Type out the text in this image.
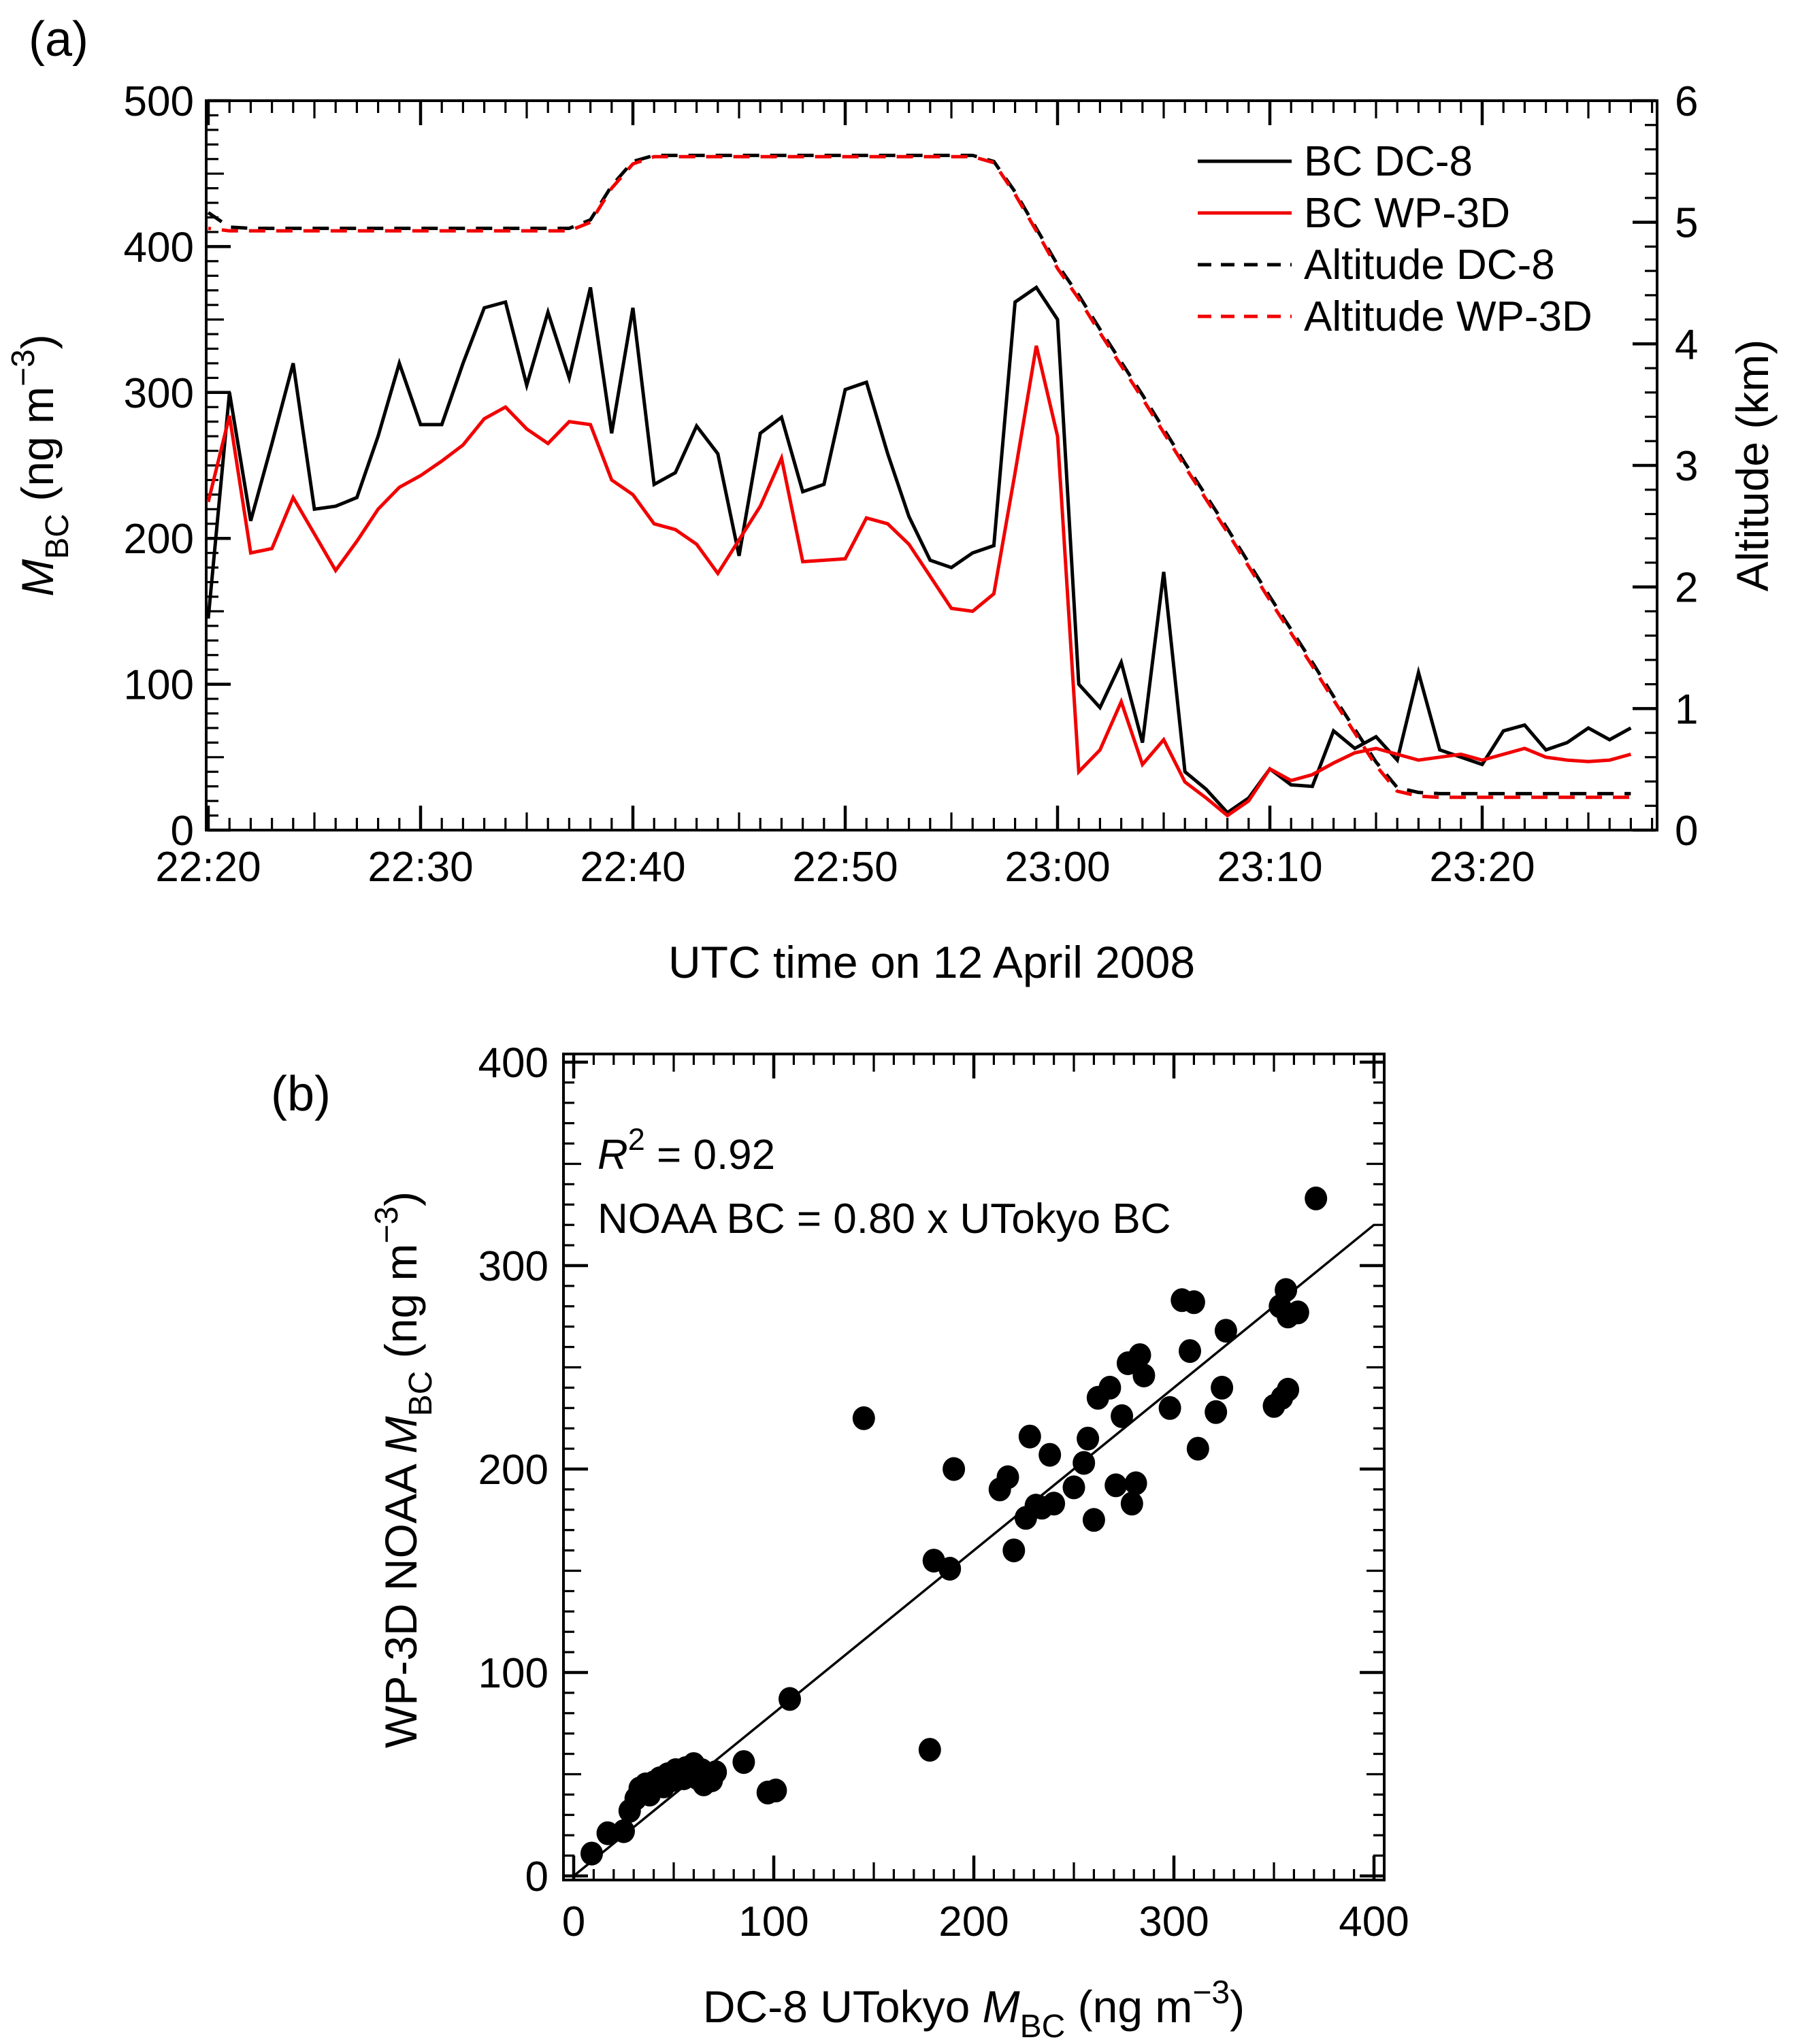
(a)
(b)
22:20	22:30	22:40	22:50	23:00	23:10	23:20
UTC time on 12 April 2008
0
100
200
300
400
500
$M_{BC}$ (ng $m^{-3}$)
0
1
2
3
4
5
6
Altitude (km)
BC DC-8
BC WP-3D
Altitude DC-8
Altitude WP-3D
0	100	200	300	400
DC-8 UTokyo $M_{BC}$ (ng $m^{-3}$)
0
100
200
300
400
WP-3D NOAA $M_{BC}$ (ng $m^{-3}$)
$R^2 = 0.92$
NOAA BC = 0.80 x UTokyo BC
